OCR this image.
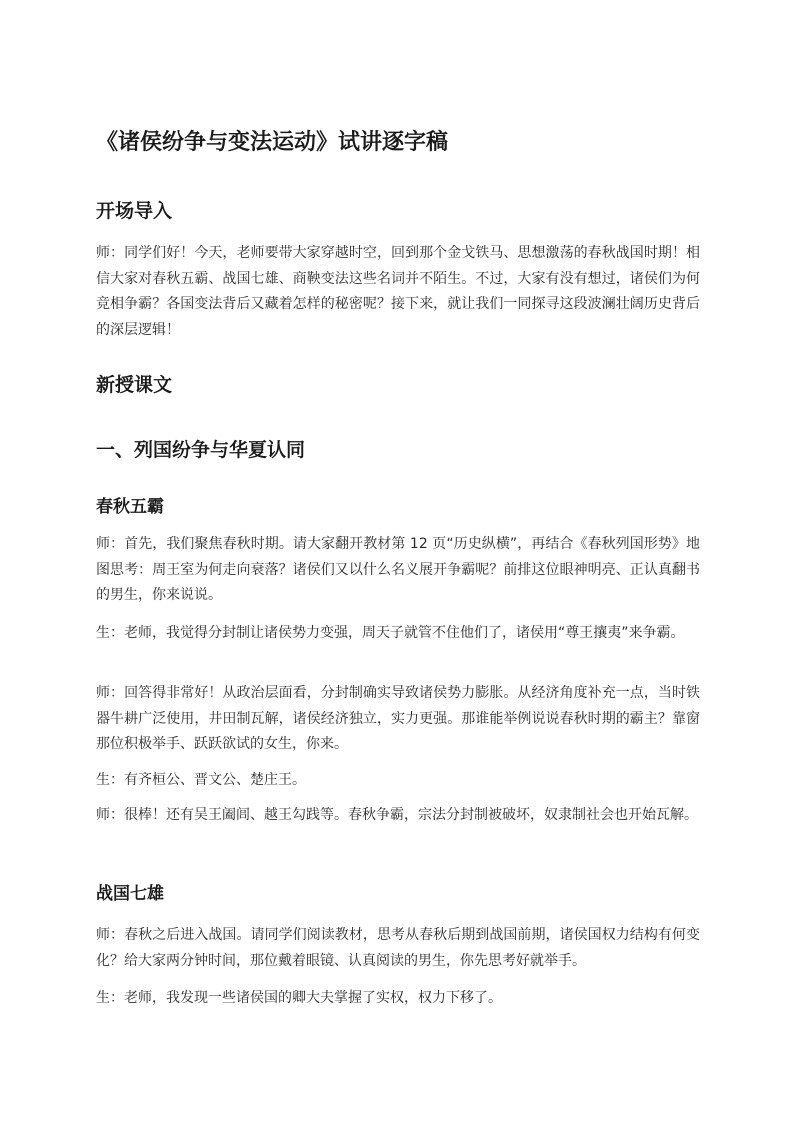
《诸侯纷争与变法运动》试讲逐字稿
开场导入

师：同学们好！今天，老师要带大家穿越时空，回到那个金戈铁马、思想激荡的春秋战国时期！相信大家对春秋五霸、战国七雄、商鞅变法这些名词并不陌生。不过，大家有没有想过，诸侯们为何竞相争霸？各国变法背后又藏着怎样的秘密呢？接下来，就让我们一同探寻这段波澜壮阔历史背后的深层逻辑！

新授课文
一、列国纷争与华夏认同
春秋五霸

师：首先，我们聚焦春秋时期。请大家翻开教材第 12 页“历史纵横”，再结合《春秋列国形势》地图思考：周王室为何走向衰落？诸侯们又以什么名义展开争霸呢？前排这位眼神明亮、正认真翻书的男生，你来说说。

生：老师，我觉得分封制让诸侯势力变强，周天子就管不住他们了，诸侯用“尊王攘夷”来争霸。

师：回答得非常好！从政治层面看，分封制确实导致诸侯势力膨胀。从经济角度补充一点，当时铁器牛耕广泛使用，井田制瓦解，诸侯经济独立，实力更强。那谁能举例说说春秋时期的霸主？靠窗那位积极举手、跃跃欲试的女生，你来。

生：有齐桓公、晋文公、楚庄王。

师：很棒！还有吴王阖闾、越王勾践等。春秋争霸，宗法分封制被破坏，奴隶制社会也开始瓦解。

战国七雄

师：春秋之后进入战国。请同学们阅读教材，思考从春秋后期到战国前期，诸侯国权力结构有何变化？给大家两分钟时间，那位戴着眼镜、认真阅读的男生，你先思考好就举手。

生：老师，我发现一些诸侯国的卿大夫掌握了实权，权力下移了。
